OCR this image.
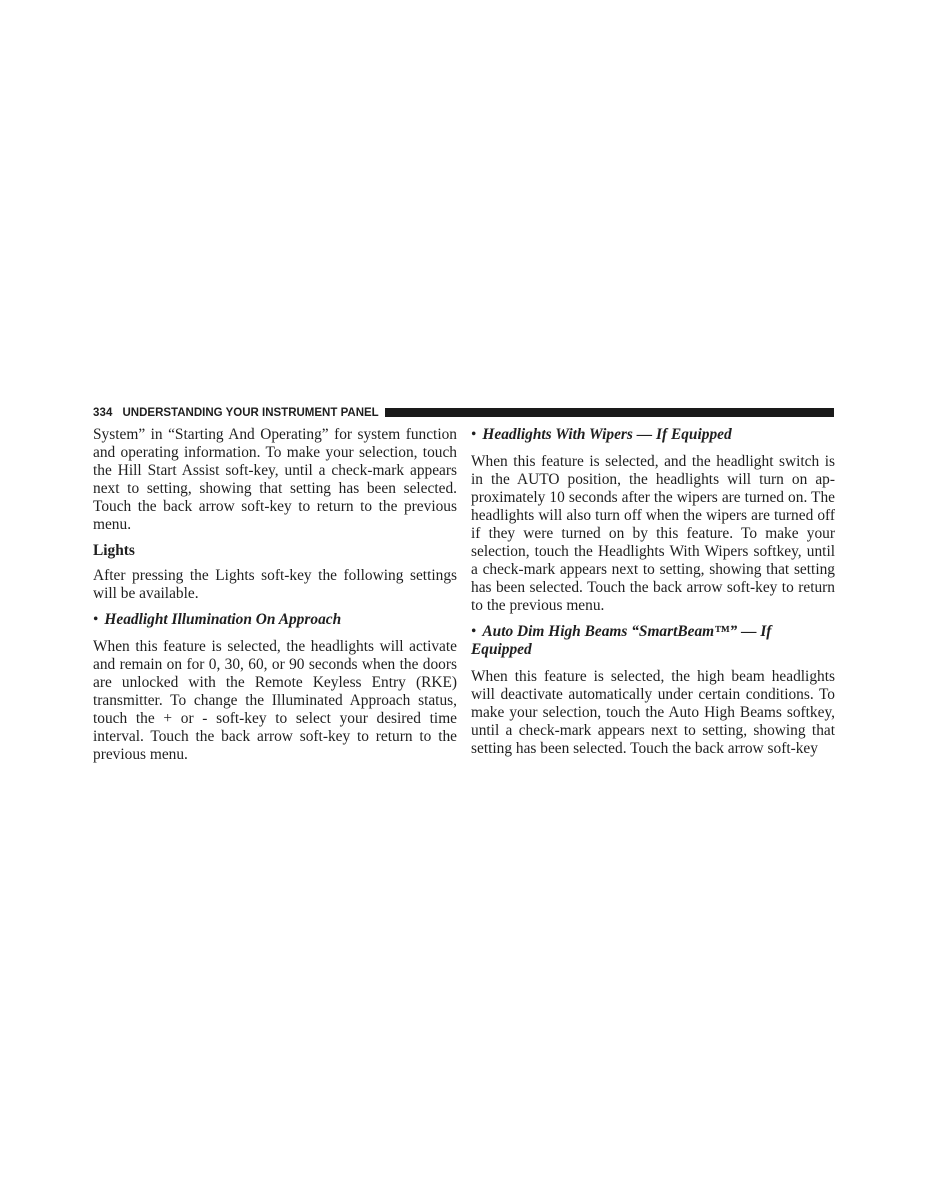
334 UNDERSTANDING YOUR INSTRUMENT PANEL

System” in “Starting And Operating” for system function and operating information. To make your selection, touch the Hill Start Assist soft-key, until a check-mark appears next to setting, showing that setting has been selected. Touch the back arrow soft-key to return to the previous menu.

Lights

After pressing the Lights soft-key the following settings will be available.

• Headlight Illumination On Approach

When this feature is selected, the headlights will activate and remain on for 0, 30, 60, or 90 seconds when the doors are unlocked with the Remote Keyless Entry (RKE) transmitter. To change the Illuminated Approach status, touch the + or - soft-key to select your desired time interval. Touch the back arrow soft-key to return to the previous menu.

• Headlights With Wipers — If Equipped

When this feature is selected, and the headlight switch is in the AUTO position, the headlights will turn on ap-proximately 10 seconds after the wipers are turned on. The headlights will also turn off when the wipers are turned off if they were turned on by this feature. To make your selection, touch the Headlights With Wipers softkey, until a check-mark appears next to setting, showing that setting has been selected. Touch the back arrow soft-key to return to the previous menu.

• Auto Dim High Beams “SmartBeam™” — If Equipped

When this feature is selected, the high beam headlights will deactivate automatically under certain conditions. To make your selection, touch the Auto High Beams softkey, until a check-mark appears next to setting, showing that setting has been selected. Touch the back arrow soft-key
